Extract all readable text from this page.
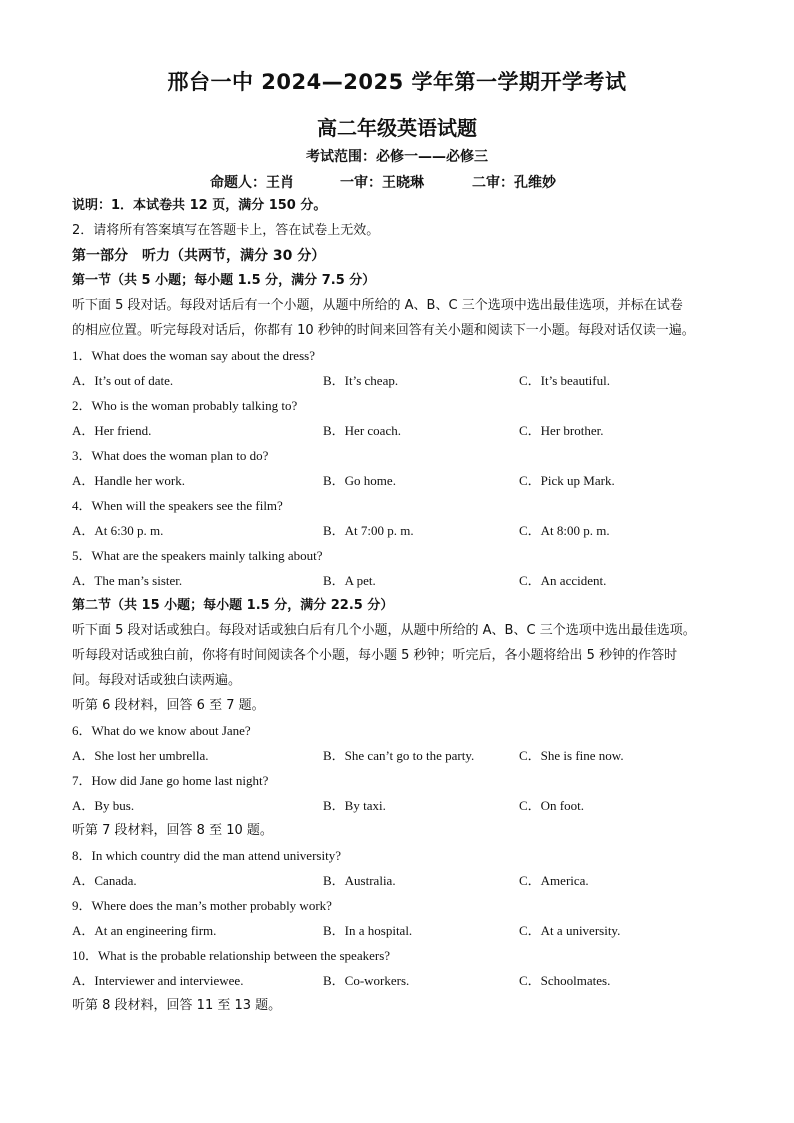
邢台一中 2024—2025 学年第一学期开学考试
高二年级英语试题
考试范围：必修一——必修三
命题人：王肖	一审：王晓琳	二审：孔维妙
说明：1．本试卷共 12 页，满分 150 分。
2．请将所有答案填写在答题卡上，答在试卷上无效。
第一部分　听力（共两节，满分 30 分）
第一节（共 5 小题；每小题 1.5 分，满分 7.5 分）
听下面 5 段对话。每段对话后有一个小题，从题中所给的 A、B、C 三个选项中选出最佳选项，并标在试卷
的相应位置。听完每段对话后，你都有 10 秒钟的时间来回答有关小题和阅读下一小题。每段对话仅读一遍。
1．What does the woman say about the dress?
A．It’s out of date.	B．It’s cheap.	C．It’s beautiful.
2．Who is the woman probably talking to?
A．Her friend.	B．Her coach.	C．Her brother.
3．What does the woman plan to do?
A．Handle her work.	B．Go home.	C．Pick up Mark.
4．When will the speakers see the film?
A．At 6:30 p. m.	B．At 7:00 p. m.	C．At 8:00 p. m.
5．What are the speakers mainly talking about?
A．The man’s sister.	B．A pet.	C．An accident.
第二节（共 15 小题；每小题 1.5 分，满分 22.5 分）
听下面 5 段对话或独白。每段对话或独白后有几个小题，从题中所给的 A、B、C 三个选项中选出最佳选项。
听每段对话或独白前，你将有时间阅读各个小题，每小题 5 秒钟；听完后，各小题将给出 5 秒钟的作答时
间。每段对话或独白读两遍。
听第 6 段材料，回答 6 至 7 题。
6．What do we know about Jane?
A．She lost her umbrella.	B．She can’t go to the party.	C．She is fine now.
7．How did Jane go home last night?
A．By bus.	B．By taxi.	C．On foot.
听第 7 段材料，回答 8 至 10 题。
8．In which country did the man attend university?
A．Canada.	B．Australia.	C．America.
9．Where does the man’s mother probably work?
A．At an engineering firm.	B．In a hospital.	C．At a university.
10．What is the probable relationship between the speakers?
A．Interviewer and interviewee.	B．Co-workers.	C．Schoolmates.
听第 8 段材料，回答 11 至 13 题。
